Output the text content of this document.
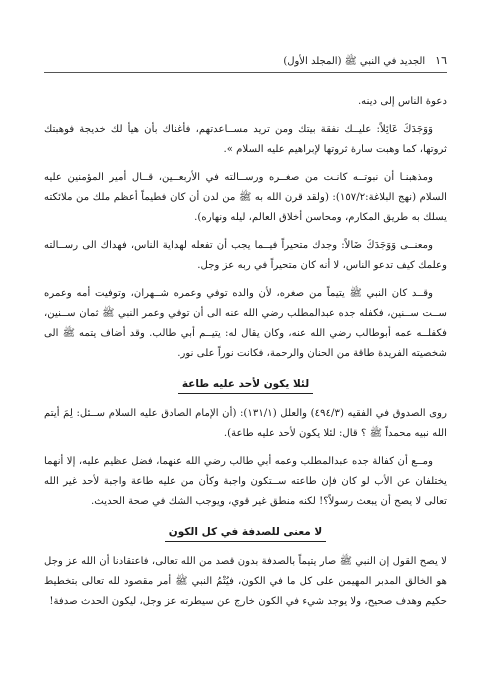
١٦
الجديد في النبي ﷺ (المجلد الأول)

دعوة الناس إلى دينه.

وَوَجَدَكَ عَائِلاً: عليــك نفقة بيتك ومن تريد مســاعدتهم، فأغناك بأن هيأ لك خديجة فوهبتك ثروتها، كما وهبت سارة ثروتها لإبراهيم عليه السلام ».

ومذهبنـا أن نبوتــه كانـت من صغــره ورســالته في الأربعــين، قــال أمير المؤمنين عليه السلام (نهج البلاغة:١٥٧/٢): (ولقد قرن الله به ﷺ من لدن أن كان فطيماً أعظم ملك من ملائكته يسلك به طريق المكارم، ومحاسن أخلاق العالم، ليله ونهاره).

ومعنــى وَوَجَدَكَ ضَالاً: وجدك متحيراً فيــما يجب أن تفعله لهداية الناس، فهداك الى رســالته وعلمك كيف تدعو الناس، لا أنه كان متحيراً في ربه عز وجل.

وقــد كان النبي ﷺ يتيماً من صغره، لأن والده توفي وعمره شــهران، وتوفيت أمه وعمره ســت ســنين، فكفله جده عبدالمطلب رضي الله عنه الى أن توفي وعمر النبي ﷺ ثمان ســنين، فكفلــه عمه أبوطالب رضي الله عنه، وكان يقال له: يتيــم أبي طالب. وقد أضاف يتمه ﷺ الى شخصيته الفريدة طاقة من الحنان والرحمة، فكانت نوراً على نور.

لئلا يكون لأحد عليه طاعة

روى الصدوق في الفقيه (٤٩٤/٣) والعلل (١٣١/١): (أن الإمام الصادق عليه السلام ســئل: لِمَ أيتم الله نبيه محمداً ﷺ ؟ قال: لئلا يكون لأحد عليه طاعة).

ومــع أن كفالة جده عبدالمطلب وعمه أبي طالب رضي الله عنهما، فضل عظيم عليه، إلا أنهما يختلفان عن الأب لو كان فإن طاعته ســتكون واجبة وكأن من عليه طاعة واجبة لأحد غير الله تعالى لا يصح أن يبعث رسولاً؟! لكنه منطق غير قوي، ويوجب الشك في صحة الحديث.

لا معنى للصدفة في كل الكون

لا يصح القول إن النبي ﷺ صار يتيماً بالصدفة بدون قصد من الله تعالى، فاعتقادنا أن الله عز وجل هو الخالق المدبر المهيمن على كل ما في الكون، فيُتْمُ النبي ﷺ أمر مقصود لله تعالى بتخطيط حكيم وهدف صحيح، ولا يوجد شيء في الكون خارج عن سيطرته عز وجل، ليكون الحدث صدفة!
